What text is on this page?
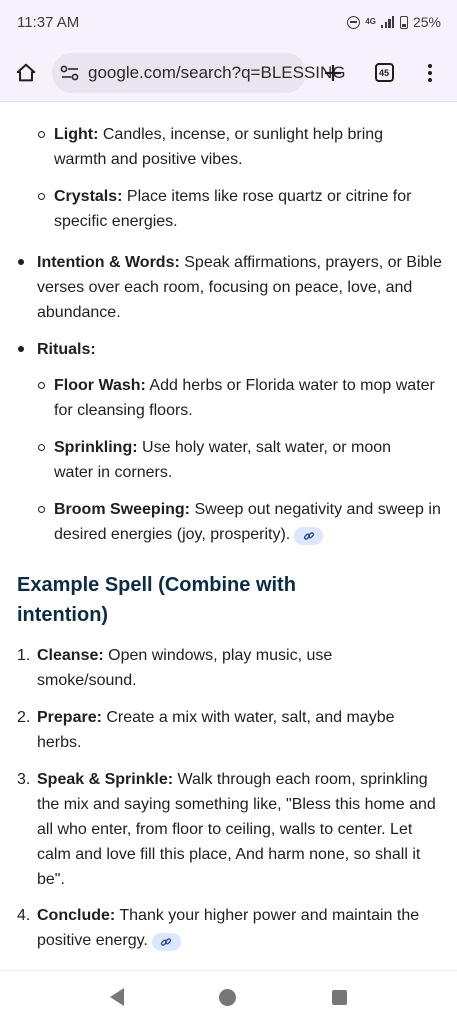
11:37 AM	4G	25%
google.com/search?q=BLESSING	45
Light: Candles, incense, or sunlight help bring warmth and positive vibes.
Crystals: Place items like rose quartz or citrine for specific energies.
Intention & Words: Speak affirmations, prayers, or Bible verses over each room, focusing on peace, love, and abundance.
Rituals:
Floor Wash: Add herbs or Florida water to mop water for cleansing floors.
Sprinkling: Use holy water, salt water, or moon water in corners.
Broom Sweeping: Sweep out negativity and sweep in desired energies (joy, prosperity).
Example Spell (Combine with intention)
1. Cleanse: Open windows, play music, use smoke/sound.
2. Prepare: Create a mix with water, salt, and maybe herbs.
3. Speak & Sprinkle: Walk through each room, sprinkling the mix and saying something like, "Bless this home and all who enter, from floor to ceiling, walls to center. Let calm and love fill this place, And harm none, so shall it be".
4. Conclude: Thank your higher power and maintain the positive energy.
